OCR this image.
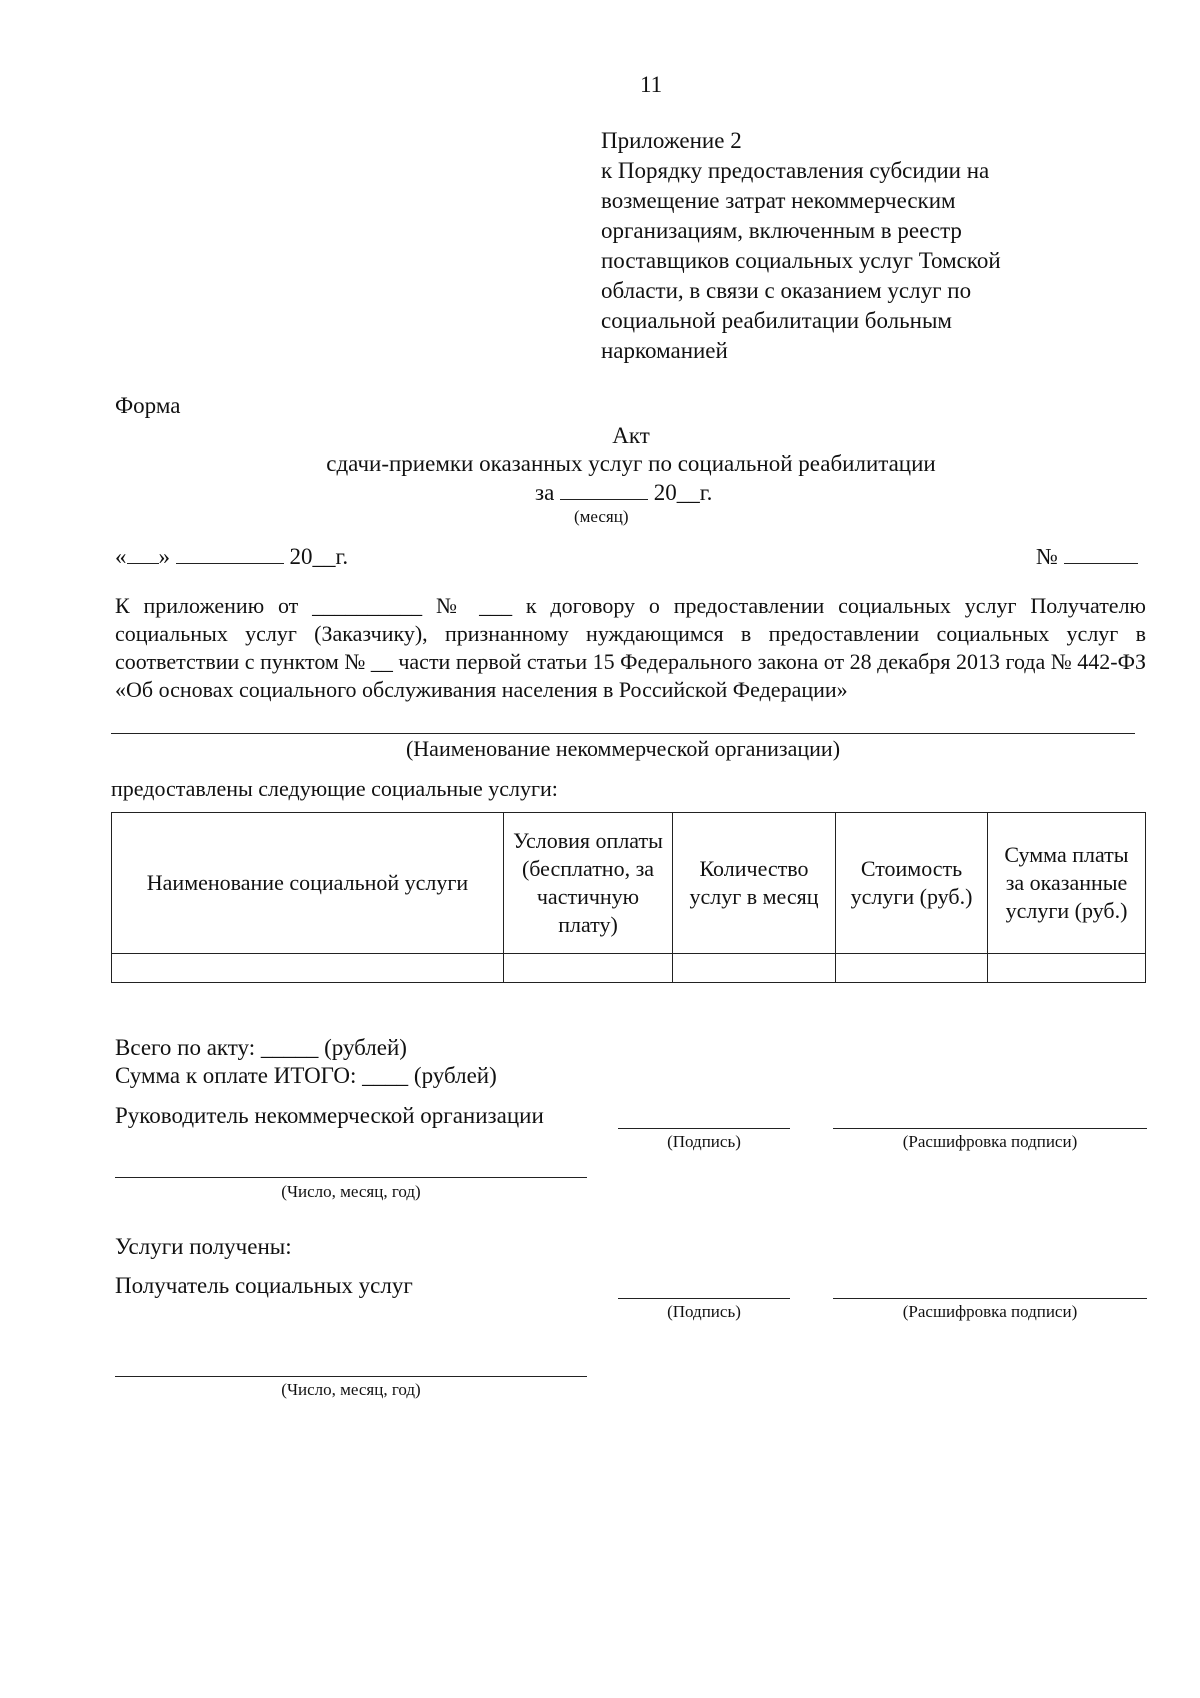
11
Приложение 2
к Порядку предоставления субсидии на
возмещение затрат некоммерческим
организациям, включенным в реестр
поставщиков социальных услуг Томской
области, в связи с оказанием услуг по
социальной реабилитации больным
наркоманией
Форма
Акт
сдачи-приемки оказанных услуг по социальной реабилитации
за	20__г.
(месяц)
« »	20__г.	№
К приложению от __________ № ___ к договору о предоставлении социальных услуг Получателю социальных услуг (Заказчику), признанному нуждающимся в предоставлении социальных услуг в соответствии с пунктом № __ части первой статьи 15 Федерального закона от 28 декабря 2013 года № 442-ФЗ «Об основах социального обслуживания населения в Российской Федерации»
(Наименование некоммерческой организации)
предоставлены следующие социальные услуги:
Наименование социальной услуги	Условия оплаты (бесплатно, за частичную плату)	Количество услуг в месяц	Стоимость услуги (руб.)	Сумма платы за оказанные услуги (руб.)

Всего по акту: _____ (рублей)
Сумма к оплате ИТОГО: ____ (рублей)
Руководитель некоммерческой организации
(Подпись)	(Расшифровка подписи)
(Число, месяц, год)
Услуги получены:
Получатель социальных услуг
(Подпись)	(Расшифровка подписи)
(Число, месяц, год)
